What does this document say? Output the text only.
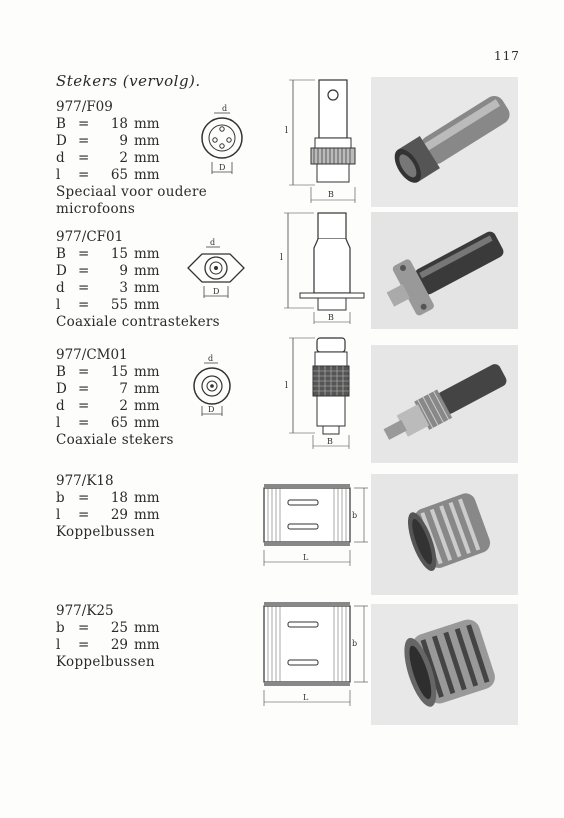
117
Stekers (vervolg).
977/F09
B =	18 mm
D =	9 mm
d =	2 mm
l	=	65 mm
Speciaal voor oudere
microfoons
d
D
l
B
977/CF01
B =	15 mm
D =	9 mm
d =	3 mm
l	=	55 mm
Coaxiale contrastekers
d
D
l
B
977/CM01
B =	15 mm
D =	7 mm
d =	2 mm
l	=	65 mm
Coaxiale stekers
d
D
l
B
977/K18
b =	18 mm
l	=	29 mm
Koppelbussen
L
b
977/K25
b =	25 mm
l	=	29 mm
Koppelbussen
L
b
